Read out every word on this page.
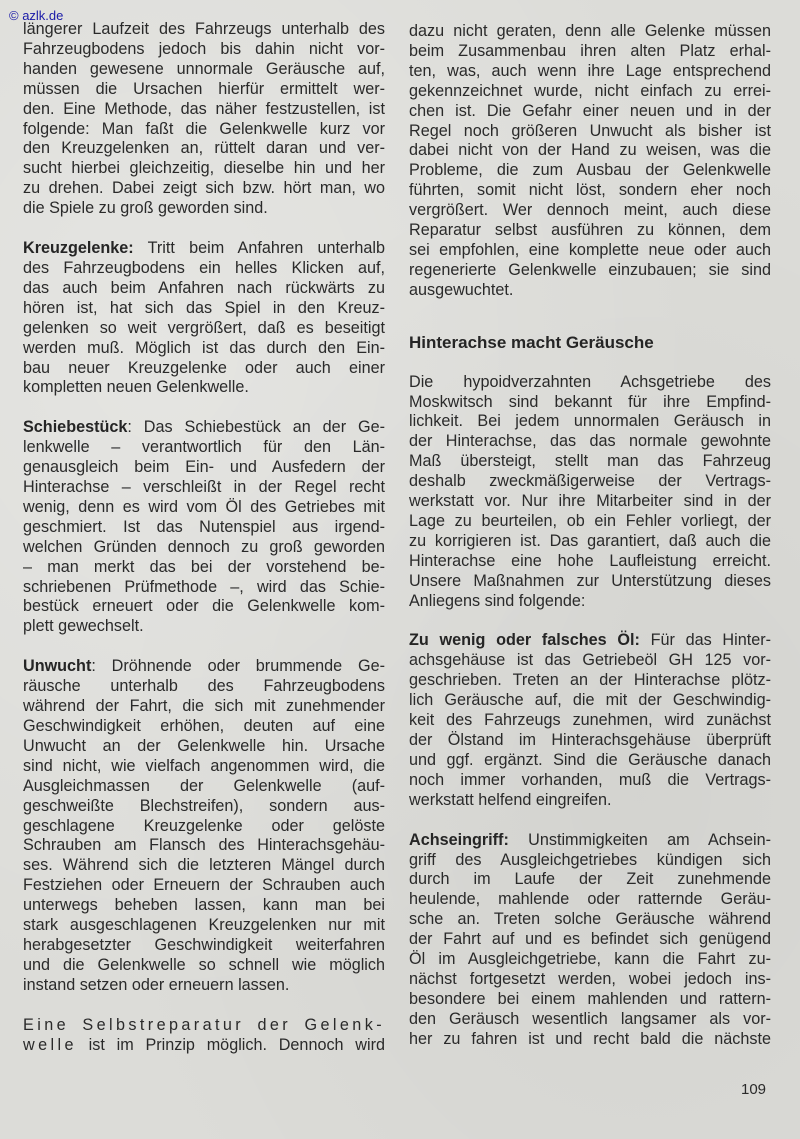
© azlk.de
längerer Laufzeit des Fahrzeugs unterhalb des
Fahrzeugbodens jedoch bis dahin nicht vor-
handen gewesene unnormale Geräusche auf,
müssen die Ursachen hierfür ermittelt wer-
den. Eine Methode, das näher festzustellen, ist
folgende: Man faßt die Gelenkwelle kurz vor
den Kreuzgelenken an, rüttelt daran und ver-
sucht hierbei gleichzeitig, dieselbe hin und her
zu drehen. Dabei zeigt sich bzw. hört man, wo
die Spiele zu groß geworden sind.
Kreuzgelenke: Tritt beim Anfahren unterhalb
des Fahrzeugbodens ein helles Klicken auf,
das auch beim Anfahren nach rückwärts zu
hören ist, hat sich das Spiel in den Kreuz-
gelenken so weit vergrößert, daß es beseitigt
werden muß. Möglich ist das durch den Ein-
bau neuer Kreuzgelenke oder auch einer
kompletten neuen Gelenkwelle.
Schiebestück: Das Schiebestück an der Ge-
lenkwelle – verantwortlich für den Län-
genausgleich beim Ein- und Ausfedern der
Hinterachse – verschleißt in der Regel recht
wenig, denn es wird vom Öl des Getriebes mit
geschmiert. Ist das Nutenspiel aus irgend-
welchen Gründen dennoch zu groß geworden
– man merkt das bei der vorstehend be-
schriebenen Prüfmethode –, wird das Schie-
bestück erneuert oder die Gelenkwelle kom-
plett gewechselt.
Unwucht: Dröhnende oder brummende Ge-
räusche unterhalb des Fahrzeugbodens
während der Fahrt, die sich mit zunehmender
Geschwindigkeit erhöhen, deuten auf eine
Unwucht an der Gelenkwelle hin. Ursache
sind nicht, wie vielfach angenommen wird, die
Ausgleichmassen der Gelenkwelle (auf-
geschweißte Blechstreifen), sondern aus-
geschlagene Kreuzgelenke oder gelöste
Schrauben am Flansch des Hinterachsgehäu-
ses. Während sich die letzteren Mängel durch
Festziehen oder Erneuern der Schrauben auch
unterwegs beheben lassen, kann man bei
stark ausgeschlagenen Kreuzgelenken nur mit
herabgesetzter Geschwindigkeit weiterfahren
und die Gelenkwelle so schnell wie möglich
instand setzen oder erneuern lassen.
Eine Selbstreparatur der Gelenk-
welle ist im Prinzip möglich. Dennoch wird
dazu nicht geraten, denn alle Gelenke müssen
beim Zusammenbau ihren alten Platz erhal-
ten, was, auch wenn ihre Lage entsprechend
gekennzeichnet wurde, nicht einfach zu errei-
chen ist. Die Gefahr einer neuen und in der
Regel noch größeren Unwucht als bisher ist
dabei nicht von der Hand zu weisen, was die
Probleme, die zum Ausbau der Gelenkwelle
führten, somit nicht löst, sondern eher noch
vergrößert. Wer dennoch meint, auch diese
Reparatur selbst ausführen zu können, dem
sei empfohlen, eine komplette neue oder auch
regenerierte Gelenkwelle einzubauen; sie sind
ausgewuchtet.
Hinterachse macht Geräusche
Die hypoidverzahnten Achsgetriebe des
Moskwitsch sind bekannt für ihre Empfind-
lichkeit. Bei jedem unnormalen Geräusch in
der Hinterachse, das das normale gewohnte
Maß übersteigt, stellt man das Fahrzeug
deshalb zweckmäßigerweise der Vertrags-
werkstatt vor. Nur ihre Mitarbeiter sind in der
Lage zu beurteilen, ob ein Fehler vorliegt, der
zu korrigieren ist. Das garantiert, daß auch die
Hinterachse eine hohe Laufleistung erreicht.
Unsere Maßnahmen zur Unterstützung dieses
Anliegens sind folgende:
Zu wenig oder falsches Öl: Für das Hinter-
achsgehäuse ist das Getriebeöl GH 125 vor-
geschrieben. Treten an der Hinterachse plötz-
lich Geräusche auf, die mit der Geschwindig-
keit des Fahrzeugs zunehmen, wird zunächst
der Ölstand im Hinterachsgehäuse überprüft
und ggf. ergänzt. Sind die Geräusche danach
noch immer vorhanden, muß die Vertrags-
werkstatt helfend eingreifen.
Achseingriff: Unstimmigkeiten am Achsein-
griff des Ausgleichgetriebes kündigen sich
durch im Laufe der Zeit zunehmende
heulende, mahlende oder ratternde Geräu-
sche an. Treten solche Geräusche während
der Fahrt auf und es befindet sich genügend
Öl im Ausgleichgetriebe, kann die Fahrt zu-
nächst fortgesetzt werden, wobei jedoch ins-
besondere bei einem mahlenden und rattern-
den Geräusch wesentlich langsamer als vor-
her zu fahren ist und recht bald die nächste
109
